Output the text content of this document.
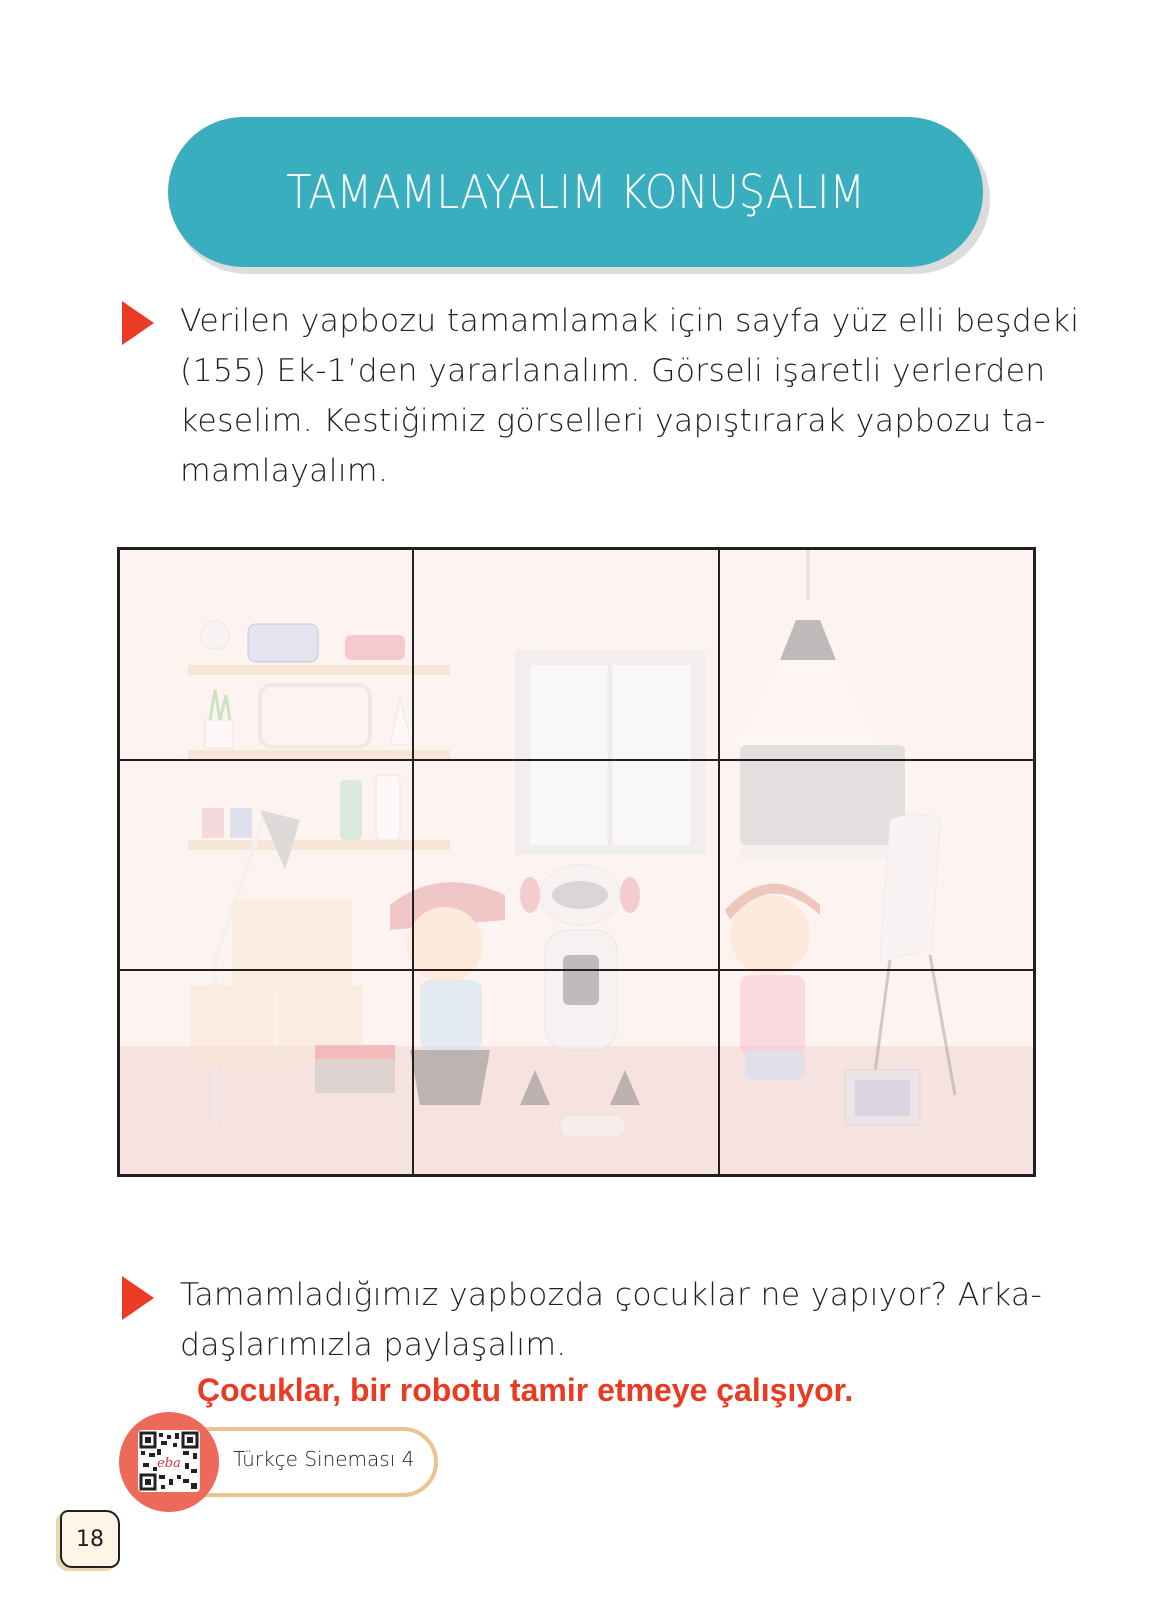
TAMAMLAYALIM KONUŞALIM
Verilen yapbozu tamamlamak için sayfa yüz elli beşdeki
(155) Ek-1’den yararlanalım. Görseli işaretli yerlerden
keselim. Kestiğimiz görselleri yapıştırarak yapbozu ta-
mamlayalım.
Tamamladığımız yapbozda çocuklar ne yapıyor? Arka-
daşlarımızla paylaşalım.
Çocuklar, bir robotu tamir etmeye çalışıyor.
Türkçe Sineması 4
eba
18
